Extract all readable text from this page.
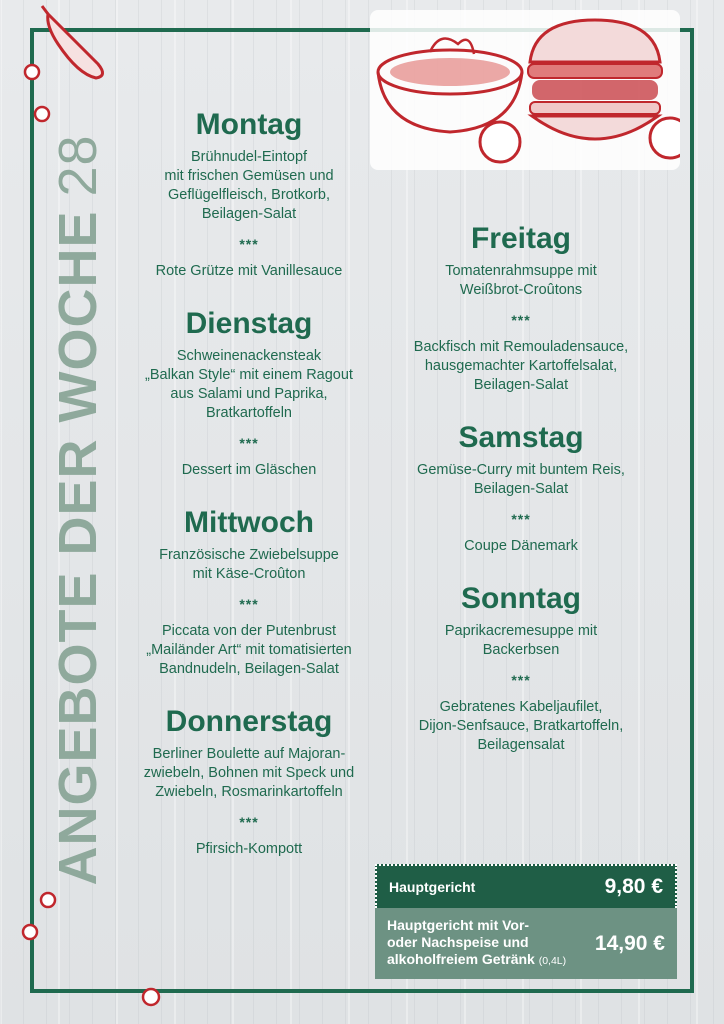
ANGEBOTE DER WOCHE28
Montag

Brühnudel-Eintopf
mit frischen Gemüsen und
Geflügelfleisch, Brotkorb,
Beilagen-Salat

***

Rote Grütze mit Vanillesauce

Dienstag

Schweinenackensteak
„Balkan Style“ mit einem Ragout
aus Salami und Paprika,
Bratkartoffeln

***

Dessert im Gläschen

Mittwoch

Französische Zwiebelsuppe
mit Käse-Croûton

***

Piccata von der Putenbrust
„Mailänder Art“ mit tomatisierten
Bandnudeln, Beilagen-Salat

Donnerstag

Berliner Boulette auf Majoran-
zwiebeln, Bohnen mit Speck und
Zwiebeln, Rosmarinkartoffeln

***

Pfirsich-Kompott

Freitag

Tomatenrahmsuppe mit
Weißbrot-Croûtons

***

Backfisch mit Remouladensauce,
hausgemachter Kartoffelsalat,
Beilagen-Salat

Samstag

Gemüse-Curry mit buntem Reis,
Beilagen-Salat

***

Coupe Dänemark

Sonntag

Paprikacremesuppe mit
Backerbsen

***

Gebratenes Kabeljaufilet,
Dijon-Senfsauce, Bratkartoffeln,
Beilagensalat

Hauptgericht	9,80 €
Hauptgericht mit Vor-
oder Nachspeise und
alkoholfreiem Getränk (0,4L)
14,90 €
